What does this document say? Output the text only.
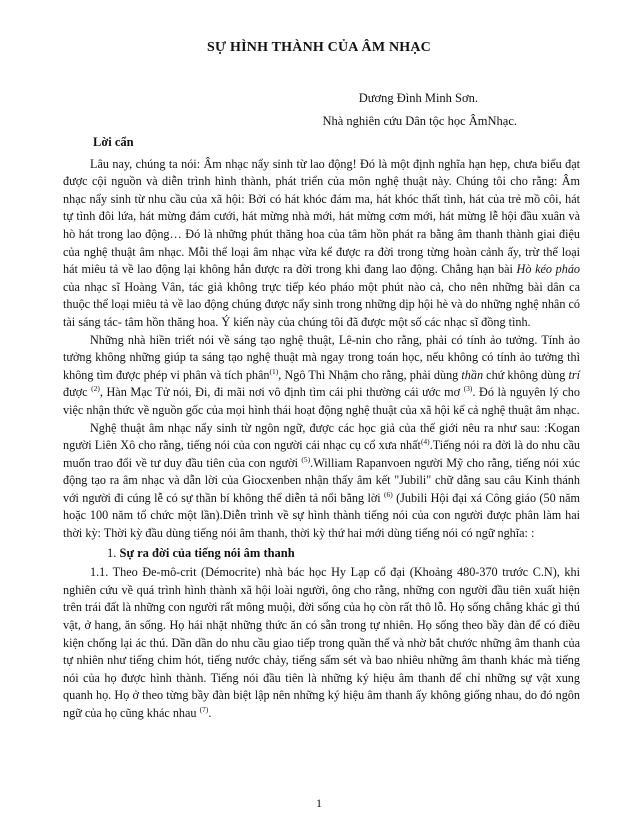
SỰ HÌNH THÀNH CỦA ÂM NHẠC
Dương Đình Minh Sơn.
Nhà nghiên cứu Dân tộc học ÂmNhạc.

Lời cẩn

Lâu nay, chúng ta nói: Âm nhạc nẩy sinh từ lao động! Đó là một định nghĩa hạn hẹp, chưa biểu đạt được cội nguồn và diễn trình hình thành, phát triển của môn nghệ thuật này. Chúng tôi cho rằng: Âm nhạc nẩy sinh từ nhu cầu của xã hội: Bởi có hát khóc đám ma, hát khóc thất tình, hát của trẻ mồ côi, hát tự tình đôi lứa, hát mừng đám cưới, hát mừng nhà mới, hát mừng cơm mới, hát mừng lễ hội đầu xuân và hò hát trong lao động… Đó là những phút thăng hoa của tâm hồn phát ra bằng âm thanh thành giai điệu của nghệ thuật âm nhạc. Mỗi thể loại âm nhạc vừa kể được ra đời trong từng hoàn cảnh ấy, trừ thể loại hát miêu tả về lao động lại không hẳn được ra đời trong khi đang lao động. Chẳng hạn bài Hò kéo pháo của nhạc sĩ Hoàng Vân, tác giả không trực tiếp kéo pháo một phút nào cả, cho nên những bài dân ca thuộc thể loại miêu tả về lao động chúng được nẩy sinh trong những dịp hội hè và do những nghệ nhân có tài sáng tác- tâm hồn thăng hoa. Ý kiến này của chúng tôi đã được một số các nhạc sĩ đồng tình.

Những nhà hiền triết nói về sáng tạo nghệ thuật, Lê-nin cho rằng, phải có tính ảo tưởng. Tính ảo tưởng không những giúp ta sáng tạo nghệ thuật mà ngay trong toán học, nếu không có tính ảo tưởng thì không tìm được phép vi phân và tích phân$^{(1)}$, Ngô Thì Nhậm cho rằng, phải dùng thần chứ không dùng trí được $^{(2)}$, Hàn Mạc Tử nói, Đi, đi mãi nơi vô định tìm cái phi thường cái ước mơ $^{(3)}$. Đó là nguyên lý cho việc nhận thức về nguồn gốc của mọi hình thái hoạt động nghệ thuật của xã hội kể cả nghệ thuật âm nhạc.

Nghệ thuật âm nhạc nẩy sinh từ ngôn ngữ, được các học giả của thế giới nêu ra như sau: :Kogan người Liên Xô cho rằng, tiếng nói của con người cái nhạc cụ cổ xưa nhất$^{(4)}$.Tiếng nói ra đời là do nhu cầu muốn trao đổi về tư duy đầu tiên của con người $^{(5)}$.William Rapanvoen người Mỹ cho rằng, tiếng nói xúc động tạo ra âm nhạc và dẫn lời của Giocxenben nhận thấy âm kết "Jubili" chữ dằng sau câu Kinh thánh với người đi cúng lễ có sự thần bí không thể diễn tả nổi bằng lời $^{(6)}$ (Jubili Hội đại xá Công giáo (50 năm hoặc 100 năm tổ chức một lần).Diễn trình về sự hình thành tiếng nói của con người được phân làm hai thời kỳ: Thời kỳ đầu dùng tiếng nói âm thanh, thời kỳ thứ hai mới dùng tiếng nói có ngữ nghĩa: :

1. Sự ra đời của tiếng nói âm thanh

1.1. Theo Đe-mô-crit (Démocrite) nhà bác học Hy Lạp cổ đại (Khoảng 480-370 trước C.N), khi nghiên cứu về quá trình hình thành xã hội loài người, ông cho rằng, những con người đầu tiên xuất hiện trên trái đất là những con người rất mông muội, đời sống của họ còn rất thô lỗ. Họ sống chẳng khác gì thú vật, ở hang, ăn sống. Họ hái nhặt những thức ăn có sẵn trong tự nhiên. Họ sống theo bầy đàn để có điều kiện chống lại ác thú. Dần dần do nhu cầu giao tiếp trong quần thể và nhờ bắt chước những âm thanh của tự nhiên như tiếng chim hót, tiếng nước chảy, tiếng sấm sét và bao nhiêu những âm thanh khác mà tiếng nói của họ được hình thành. Tiếng nói đầu tiên là những ký hiệu âm thanh để chỉ những sự vật xung quanh họ. Họ ở theo từng bầy đàn biệt lập nên những ký hiệu âm thanh ấy không giống nhau, do đó ngôn ngữ của họ cũng khác nhau $^{(7)}$.

1
